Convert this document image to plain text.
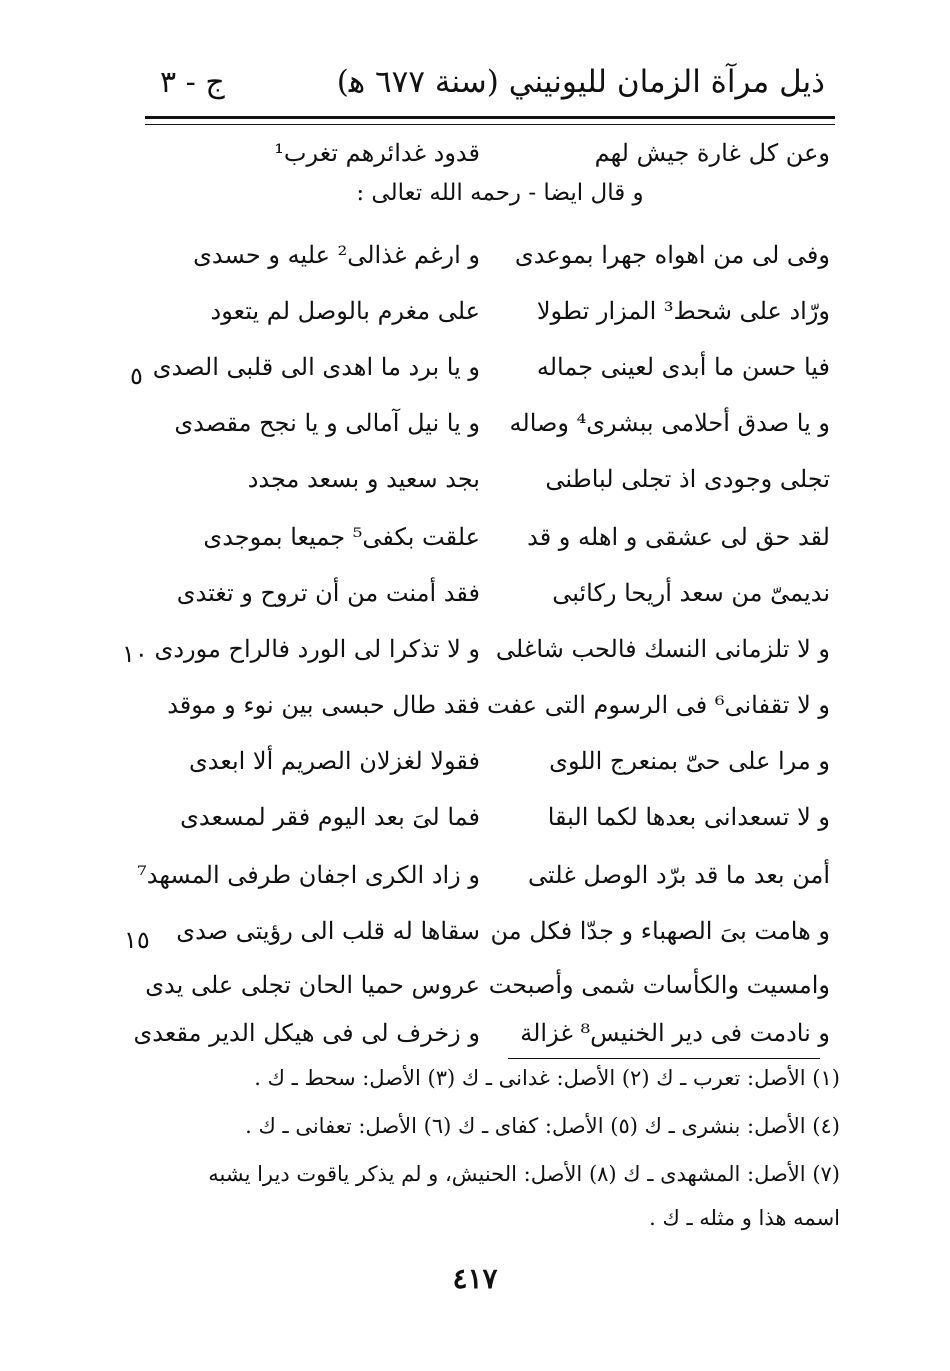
ذيل مرآة الزمان لليونيني (سنة ٦٧٧ ﻫ)
ج - ٣
وعن كل غارة جيش لهم
قدود غدائرهم تغرب¹
و قال ايضا - رحمه الله تعالى :
وفى لى من اهواه جهرا بموعدى
و ارغم غذالى² عليه و حسدى
ورّاد على شحط³ المزار تطولا
على مغرم بالوصل لم يتعود
فيا حسن ما أبدى لعينى جماله
و يا برد ما اهدى الى قلبى الصدى
و يا صدق أحلامى ببشرى⁴ وصاله
و يا نيل آمالى و يا نجح مقصدى
تجلى وجودى اذ تجلى لباطنى
بجد سعيد و بسعد مجدد
لقد حق لى عشقى و اهله و قد
علقت بكفى⁵ جميعا بموجدى
نديمىّ من سعد أريحا ركائبى
فقد أمنت من أن تروح و تغتدى
و لا تلزمانى النسك فالحب شاغلى
و لا تذكرا لى الورد فالراح موردى
و لا تقفانى⁶ فى الرسوم التى عفت
فقد طال حبسى بين نوء و موقد
و مرا على حىّ بمنعرج اللوى
فقولا لغزلان الصريم ألا ابعدى
و لا تسعدانى بعدها لكما البقا
فما لىَ بعد اليوم فقر لمسعدى
أمن بعد ما قد برّد الوصل غلتى
و زاد الكرى اجفان طرفى المسهد⁷
و هامت بىَ الصهباء و جدّا فكل من
سقاها له قلب الى رؤيتى صدى
وامسيت والكأسات شمى وأصبحت
عروس حميا الحان تجلى على يدى
و نادمت فى دير الخنيس⁸ غزالة
و زخرف لى فى هيكل الدير مقعدى
٥
١٠
١٥
(١) الأصل: تعرب ـ ك (٢) الأصل: غدانى ـ ك (٣) الأصل: سحط ـ ك .
(٤) الأصل: بنشرى ـ ك (٥) الأصل: كفاى ـ ك (٦) الأصل: تعفانى ـ ك .
(٧) الأصل: المشهدى ـ ك (٨) الأصل: الحنيش، و لم يذكر ياقوت ديرا يشبه
اسمه هذا و مثله ـ ك .
٤١٧
